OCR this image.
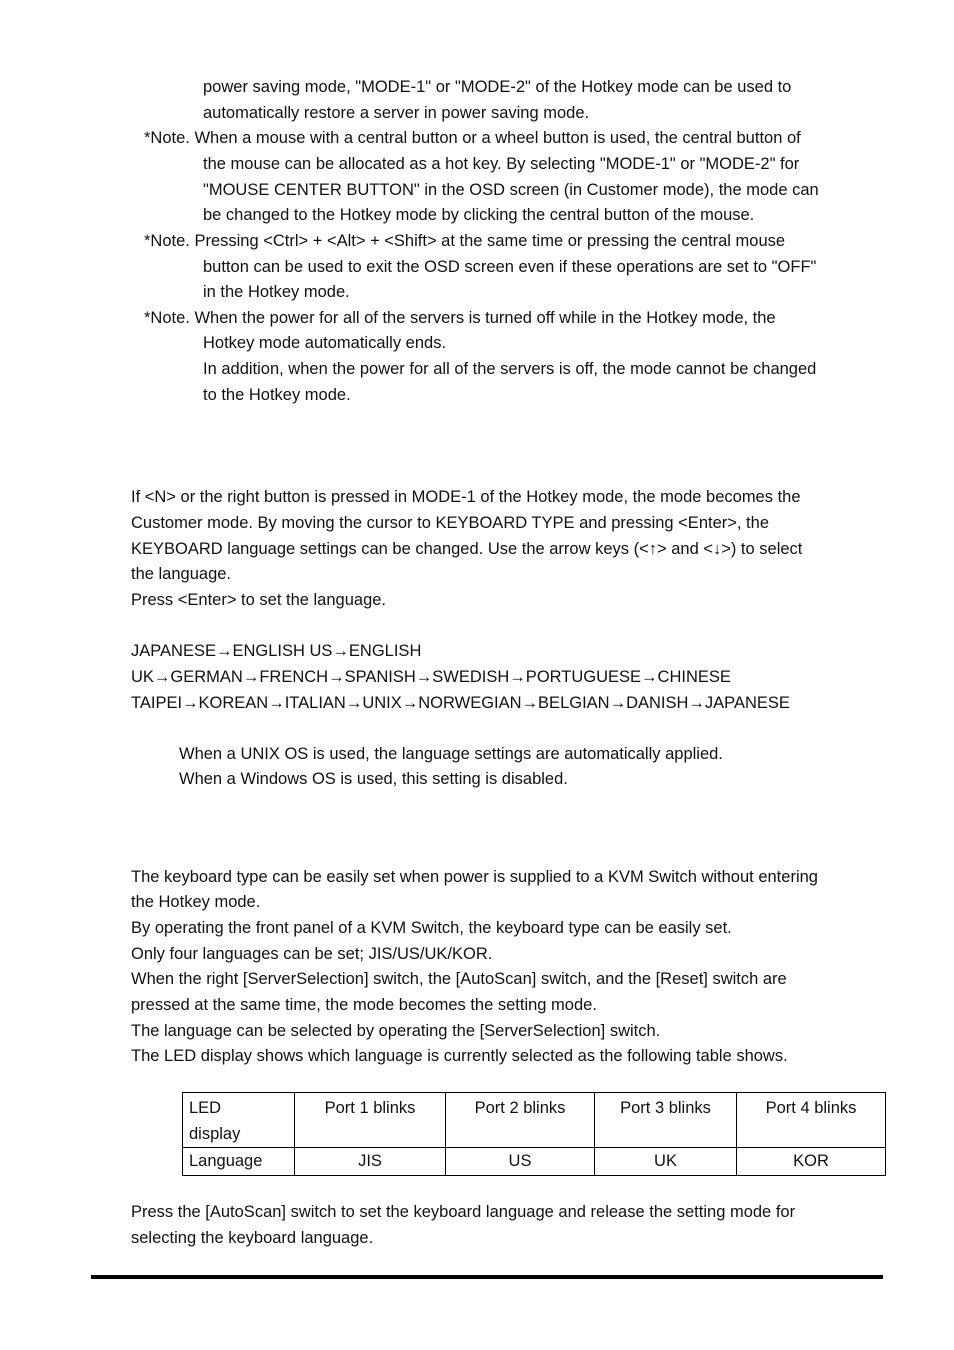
power saving mode, "MODE-1" or "MODE-2" of the Hotkey mode can be used to
automatically restore a server in power saving mode.
*Note. When a mouse with a central button or a wheel button is used, the central button of
the mouse can be allocated as a hot key. By selecting "MODE-1" or "MODE-2" for
"MOUSE CENTER BUTTON" in the OSD screen (in Customer mode), the mode can
be changed to the Hotkey mode by clicking the central button of the mouse.
*Note. Pressing <Ctrl> + <Alt> + <Shift> at the same time or pressing the central mouse
button can be used to exit the OSD screen even if these operations are set to "OFF"
in the Hotkey mode.
*Note. When the power for all of the servers is turned off while in the Hotkey mode, the
Hotkey mode automatically ends.
In addition, when the power for all of the servers is off, the mode cannot be changed
to the Hotkey mode.
If <N> or the right button is pressed in MODE-1 of the Hotkey mode, the mode becomes the
Customer mode. By moving the cursor to KEYBOARD TYPE and pressing <Enter>, the
KEYBOARD language settings can be changed. Use the arrow keys (<↑> and <↓>) to select
the language.
Press <Enter> to set the language.
JAPANESE→ENGLISH US→ENGLISH
UK→GERMAN→FRENCH→SPANISH→SWEDISH→PORTUGUESE→CHINESE
TAIPEI→KOREAN→ITALIAN→UNIX→NORWEGIAN→BELGIAN→DANISH→JAPANESE
When a UNIX OS is used, the language settings are automatically applied.
When a Windows OS is used, this setting is disabled.
The keyboard type can be easily set when power is supplied to a KVM Switch without entering
the Hotkey mode.
By operating the front panel of a KVM Switch, the keyboard type can be easily set.
Only four languages can be set; JIS/US/UK/KOR.
When the right [ServerSelection] switch, the [AutoScan] switch, and the [Reset] switch are
pressed at the same time, the mode becomes the setting mode.
The language can be selected by operating the [ServerSelection] switch.
The LED display shows which language is currently selected as the following table shows.
LED
display	Port 1 blinks	Port 2 blinks	Port 3 blinks	Port 4 blinks
Language	JIS	US	UK	KOR
Press the [AutoScan] switch to set the keyboard language and release the setting mode for
selecting the keyboard language.
